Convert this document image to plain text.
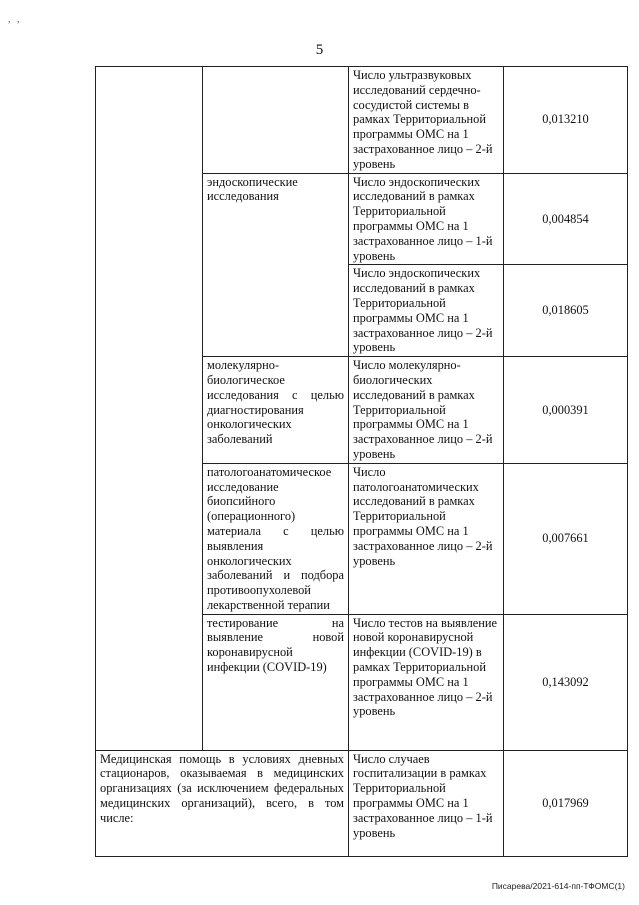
, ,
5
		Число ультразвуковых исследований сердечно-сосудистой системы в рамках Территориальной программы ОМС на 1 застрахованное лицо – 2-й уровень	0,013210
	эндоскопические исследования	Число эндоскопических исследований в рамках Территориальной программы ОМС на 1 застрахованное лицо – 1-й уровень	0,004854
		Число эндоскопических исследований в рамках Территориальной программы ОМС на 1 застрахованное лицо – 2-й уровень	0,018605
	молекулярно-биологическое исследования с целью диагностирования онкологических заболеваний	Число молекулярно-биологических исследований в рамках Территориальной программы ОМС на 1 застрахованное лицо – 2-й уровень	0,000391
	патологоанатомическое исследование биопсийного (операционного) материала с целью выявления онкологических заболеваний и подбора противоопухолевой лекарственной терапии	Число патологоанатомических исследований в рамках Территориальной программы ОМС на 1 застрахованное лицо – 2-й уровень	0,007661
	тестирование на выявление новой коронавирусной инфекции (COVID-19)	Число тестов на выявление новой коронавирусной инфекции (COVID-19) в рамках Территориальной программы ОМС на 1 застрахованное лицо – 2-й уровень	0,143092
Медицинская помощь в условиях дневных стационаров, оказываемая в медицинских организациях (за исключением федеральных медицинских организаций), всего, в том числе:		Число случаев госпитализации в рамках Территориальной программы ОМС на 1 застрахованное лицо – 1-й уровень	0,017969
Писарева/2021-614-пп-ТФОМС(1)
